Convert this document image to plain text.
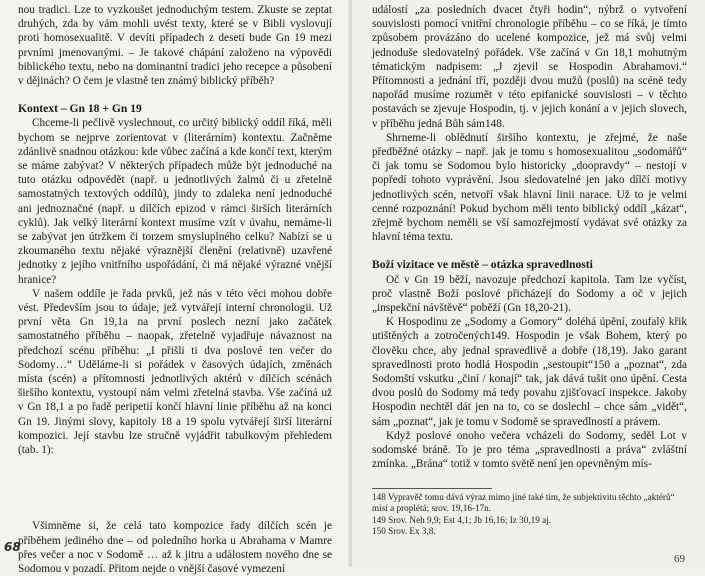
nou tradici. Lze to vyzkoušet jednoduchým testem. Zkuste se zeptat druhých, zda by vám mohli uvést texty, které se v Bibli vyslovují proti homosexualitě. V devíti případech z deseti bude Gn 19 mezi prvními jmenovanými. – Je takové chápání založeno na výpovědi biblického textu, nebo na dominantní tradici jeho recepce a působení v dějinách? O čem je vlastně ten známý biblický příběh?

Kontext – Gn 18 + Gn 19

Chceme-li pečlivě vyslechnout, co určitý biblický oddíl říká, měli bychom se nejprve zorientovat v (literárním) kontextu. Začněme zdánlivě snadnou otázkou: kde vůbec začíná a kde končí text, kterým se máme zabývat? V některých případech může být jednoduché na tuto otázku odpovědět (např. u jednotlivých žalmů či u zřetelně samostatných textových oddílů), jindy to zdaleka není jednoduché ani jednoznačné (např. u dílčích epizod v rámci širších literárních cyklů). Jak velký literární kontext musíme vzít v úvahu, nemáme-li se zabývat jen útržkem či torzem smysluplného celku? Nabízí se u zkoumaného textu nějaké výraznější členění (relativně) uzavřené jednotky z jejího vnitřního uspořádání, či má nějaké výrazné vnější hranice?

V našem oddíle je řada prvků, jež nás v této věci mohou dobře vést. Především jsou to údaje, jež vytvářejí interní chronologii. Už první věta Gn 19,1a na první poslech nezní jako začátek samostatného příběhu – naopak, zřetelně vyjadřuje návaznost na předchozí scénu příběhu: „I přišli ti dva poslové ten večer do Sodomy…“ Uděláme-li si pořádek v časových údajích, změnách místa (scén) a přítomnosti jednotlivých aktérů v dílčích scénách širšího kontextu, vystoupí nám velmi zřetelná stavba. Vše začíná už v Gn 18,1 a po řadě peripetií končí hlavní linie příběhu až na konci Gn 19. Jinými slovy, kapitoly 18 a 19 spolu vytvářejí širší literární kompozici. Její stavbu lze stručně vyjádřit tabulkovým přehledem (tab. 1):

Všimněme si, že celá tato kompozice řady dílčích scén je příběhem jediného dne – od poledního horka u Abrahama v Mamre přes večer a noc v Sodomě … až k jitru a událostem nového dne se Sodomou v pozadí. Přitom nejde o vnější časové vymezení

68

událostí „za posledních dvacet čtyři hodin“, nýbrž o vytvoření souvislosti pomocí vnitřní chronologie příběhu – co se říká, je tímto způsobem provázáno do ucelené kompozice, jež má svůj velmi jednoduše sledovatelný pořádek. Vše začíná v Gn 18,1 mohutným tématickým nadpisem: „J zjevil se Hospodin Abrahamovi.“ Přítomnosti a jednání tří, později dvou mužů (poslů) na scéně tedy napořád musíme rozumět v této epifanické souvislosti – v těchto postavách se zjevuje Hospodin, tj. v jejich konání a v jejich slovech, v příběhu jedná Bůh sám148.

Shrneme-li oblědnutí širšího kontextu, je zřejmé, že naše předběžné otázky – např. jak je tomu s homosexualitou „sodomářů“ či jak tomu se Sodomou bylo historicky „doopravdy“ – nestojí v popředí tohoto vyprávění. Jsou sledovatelné jen jako dílčí motivy jednotlivých scén, netvoří však hlavní linii narace. Už to je velmi cenné rozpoznání! Pokud bychom měli tento biblický oddíl „kázat“, zřejmě bychom neměli se vší samozřejmostí vydávat své otázky za hlavní téma textu.

Boží vizitace ve městě – otázka spravedlnosti

Oč v Gn 19 běží, navozuje předchozí kapitola. Tam lze vyčíst, proč vlastně Boží poslové přicházejí do Sodomy a oč v jejich „inspekční návštěvě“ poběží (Gn 18,20-21).

K Hospodinu ze „Sodomy a Gomory“ doléhá úpění, zoufalý křik utištěných a zotročených149. Hospodin je však Bohem, který po člověku chce, aby jednal spravedlivě a dobře (18,19). Jako garant spravedlnosti proto hodlá Hospodin „sestoupit“150 a „poznat“, zda Sodomští vskutku „činí / konají“ tak, jak dává tušit ono úpění. Cesta dvou poslů do Sodomy má tedy povahu zjišťovací inspekce. Jakoby Hospodin nechtěl dát jen na to, co se doslechl – chce sám „vidět“, sám „poznat“, jak je tomu v Sodomě se spravedlností a právem.

Když poslové onoho večera vcházeli do Sodomy, seděl Lot v sodomské bráně. To je pro téma „spravedlnosti a práva“ zvláštní zmínka. „Brána“ totiž v tomto světě není jen opevněným mís-

148 Vypravěč tomu dává výraz mimo jiné také tím, že subjektivitu těchto „aktérů“ mísí a proplétá; srov. 19,16-17n.

149 Srov. Neh 9,9; Est 4,1; Jb 16,16; Iz 30,19 aj.

150 Srov. Ex 3,8.

69
